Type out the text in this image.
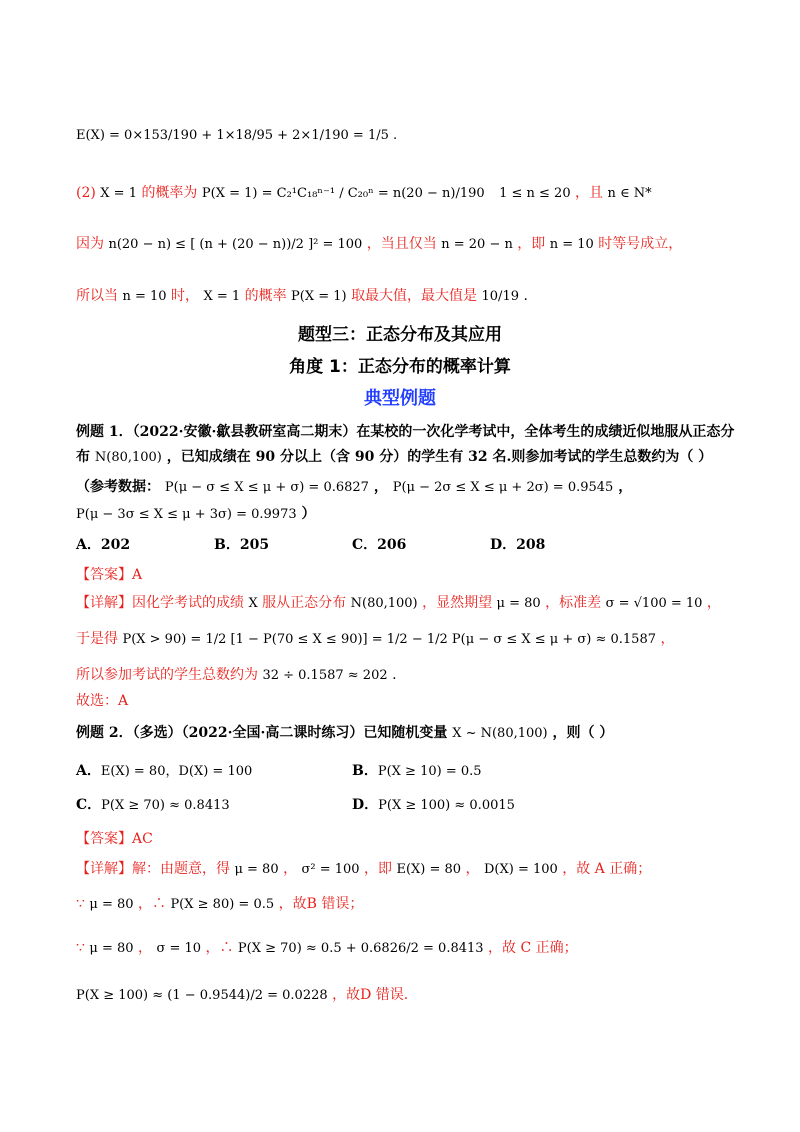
E(X) = 0×153/190 + 1×18/95 + 2×1/190 = 1/5 .
(2) X = 1 的概率为 P(X = 1) = C₂¹C₁₈ⁿ⁻¹ / C₂₀ⁿ = n(20 − n)/190 1 ≤ n ≤ 20 ，且 n ∈ N*
因为 n(20 − n) ≤ [ (n + (20 − n))/2 ]² = 100 ，当且仅当 n = 20 − n ，即 n = 10 时等号成立，
所以当 n = 10 时， X = 1 的概率 P(X = 1) 取最大值，最大值是 10/19 .
题型三：正态分布及其应用
角度 1：正态分布的概率计算
典型例题
例题 1．（2022·安徽·歙县教研室高二期末）在某校的一次化学考试中，全体考生的成绩近似地服从正态分
布 N(80,100) ，已知成绩在 90 分以上（含 90 分）的学生有 32 名.则参加考试的学生总数约为（ ）
（参考数据： P(μ − σ ≤ X ≤ μ + σ) = 0.6827 ， P(μ − 2σ ≤ X ≤ μ + 2σ) = 0.9545 ，
P(μ − 3σ ≤ X ≤ μ + 3σ) = 0.9973 ）
A．202	B．205	C．206	D．208
【答案】A
【详解】因化学考试的成绩 X 服从正态分布 N(80,100) ，显然期望 μ = 80 ，标准差 σ = √100 = 10 ，
于是得 P(X > 90) = 1/2 [1 − P(70 ≤ X ≤ 90)] = 1/2 − 1/2 P(μ − σ ≤ X ≤ μ + σ) ≈ 0.1587 ，
所以参加考试的学生总数约为 32 ÷ 0.1587 ≈ 202 .
故选：A
例题 2．（多选）（2022·全国·高二课时练习）已知随机变量 X ~ N(80,100) ，则（ ）
A．E(X) = 80，D(X) = 100	B．P(X ≥ 10) = 0.5
C．P(X ≥ 70) ≈ 0.8413	D．P(X ≥ 100) ≈ 0.0015
【答案】AC
【详解】解：由题意，得 μ = 80 ， σ² = 100 ，即 E(X) = 80 ， D(X) = 100 ，故 A 正确；
∵ μ = 80 ，∴ P(X ≥ 80) = 0.5 ，故B 错误；
∵ μ = 80 ， σ = 10 ，∴ P(X ≥ 70) ≈ 0.5 + 0.6826/2 = 0.8413 ，故 C 正确；
P(X ≥ 100) ≈ (1 − 0.9544)/2 = 0.0228 ，故D 错误.
